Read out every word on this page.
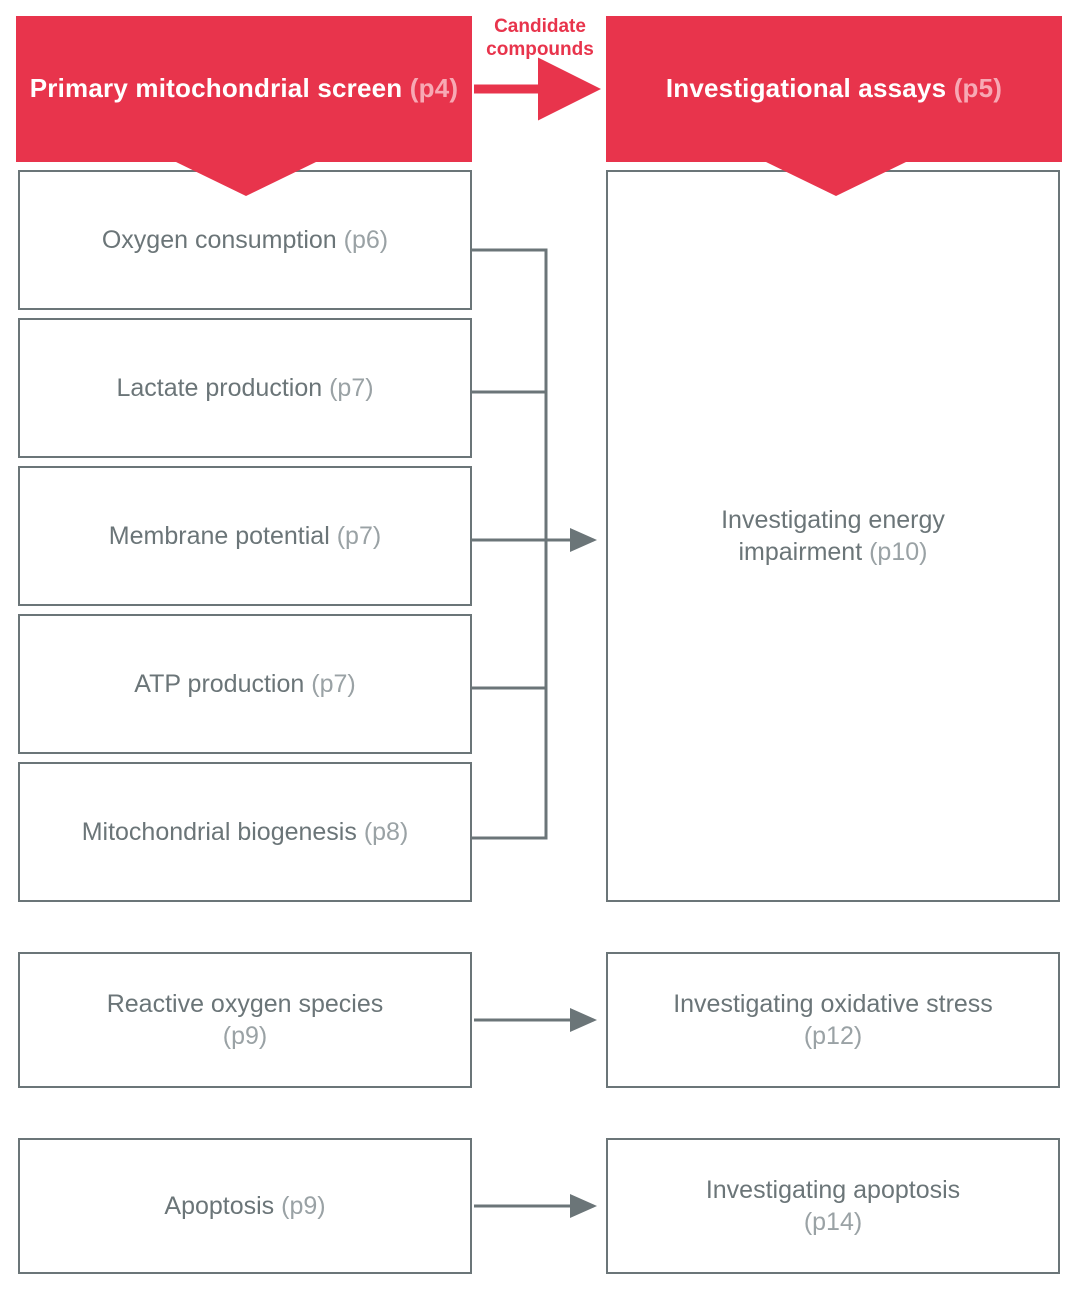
Primary mitochondrial screen (p4)	Investigational assays (p5)
Candidate
compounds
Oxygen consumption (p6)
Lactate production (p7)
Membrane potential (p7)
ATP production (p7)
Mitochondrial biogenesis (p8)
Reactive oxygen species (p9)
Apoptosis (p9)
Investigating energy impairment (p10)
Investigating oxidative stress (p12)
Investigating apoptosis (p14)
